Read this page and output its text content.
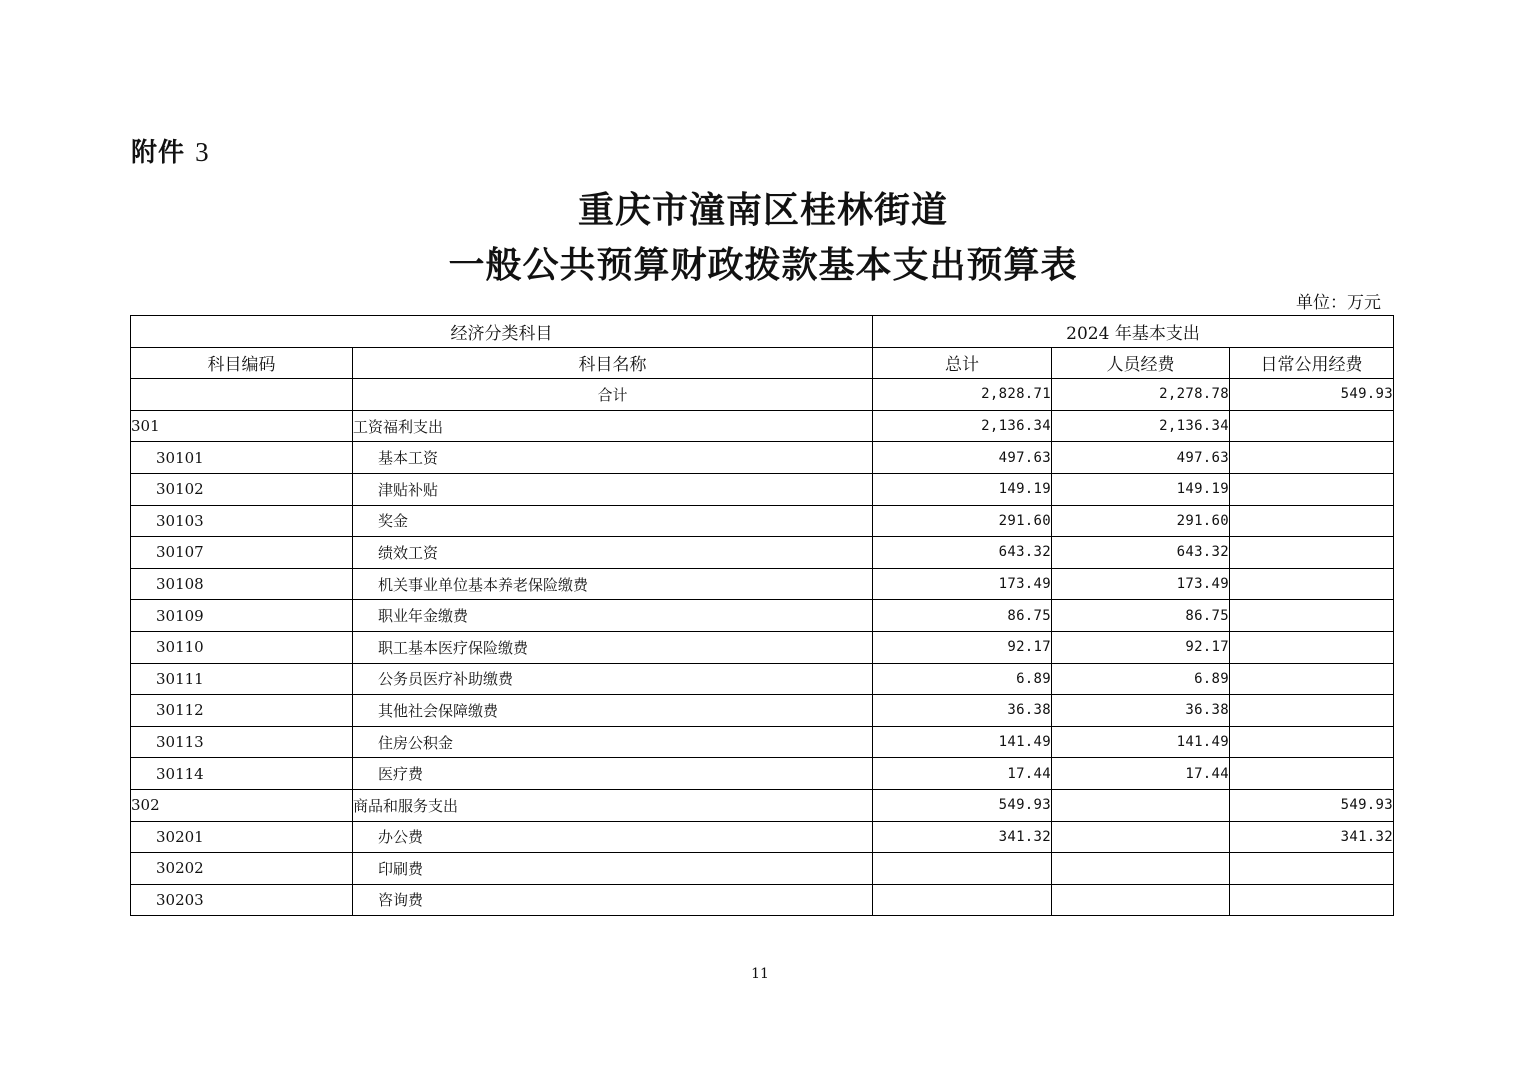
附件 3
重庆市潼南区桂林街道
一般公共预算财政拨款基本支出预算表
单位：万元
经济分类科目		2024 年基本支出		
科目编码	科目名称	总计	人员经费	日常公用经费
	合计	2,828.71	2,278.78	549.93
301	工资福利支出	2,136.34	2,136.34	
30101	基本工资	497.63	497.63	
30102	津贴补贴	149.19	149.19	
30103	奖金	291.60	291.60	
30107	绩效工资	643.32	643.32	
30108	机关事业单位基本养老保险缴费	173.49	173.49	
30109	职业年金缴费	86.75	86.75	
30110	职工基本医疗保险缴费	92.17	92.17	
30111	公务员医疗补助缴费	6.89	6.89	
30112	其他社会保障缴费	36.38	36.38	
30113	住房公积金	141.49	141.49	
30114	医疗费	17.44	17.44	
302	商品和服务支出	549.93		549.93
30201	办公费	341.32		341.32
30202	印刷费			
30203	咨询费			
11
